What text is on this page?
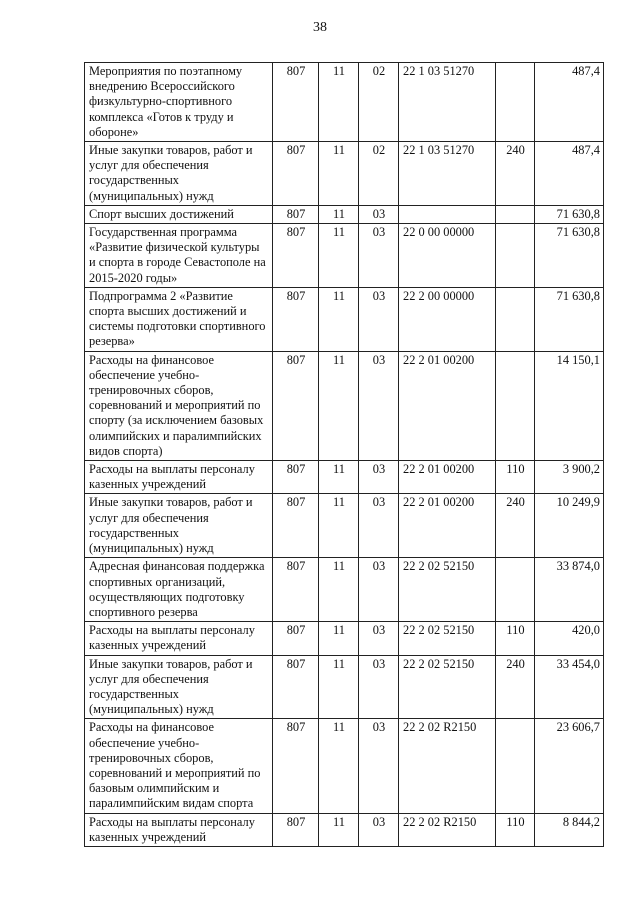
38
Мероприятия по поэтапному внедрению Всероссийского физкультурно-спортивного комплекса «Готов к труду и обороне»	807	11	02	22 1 03 51270		487,4
Иные закупки товаров, работ и услуг для обеспечения государственных (муниципальных) нужд	807	11	02	22 1 03 51270	240	487,4
Спорт высших достижений	807	11	03			71 630,8
Государственная программа «Развитие физической культуры и спорта в городе Севастополе на 2015-2020 годы»	807	11	03	22 0 00 00000		71 630,8
Подпрограмма 2 «Развитие спорта высших достижений и системы подготовки спортивного резерва»	807	11	03	22 2 00 00000		71 630,8
Расходы на финансовое обеспечение учебно-тренировочных сборов, соревнований и мероприятий по спорту (за исключением базовых олимпийских и паралимпийских видов спорта)	807	11	03	22 2 01 00200		14 150,1
Расходы на выплаты персоналу казенных учреждений	807	11	03	22 2 01 00200	110	3 900,2
Иные закупки товаров, работ и услуг для обеспечения государственных (муниципальных) нужд	807	11	03	22 2 01 00200	240	10 249,9
Адресная финансовая поддержка спортивных организаций, осуществляющих подготовку спортивного резерва	807	11	03	22 2 02 52150		33 874,0
Расходы на выплаты персоналу казенных учреждений	807	11	03	22 2 02 52150	110	420,0
Иные закупки товаров, работ и услуг для обеспечения государственных (муниципальных) нужд	807	11	03	22 2 02 52150	240	33 454,0
Расходы на финансовое обеспечение учебно-тренировочных сборов, соревнований и мероприятий по базовым олимпийским и паралимпийским видам спорта	807	11	03	22 2 02 R2150		23 606,7
Расходы на выплаты персоналу казенных учреждений	807	11	03	22 2 02 R2150	110	8 844,2
